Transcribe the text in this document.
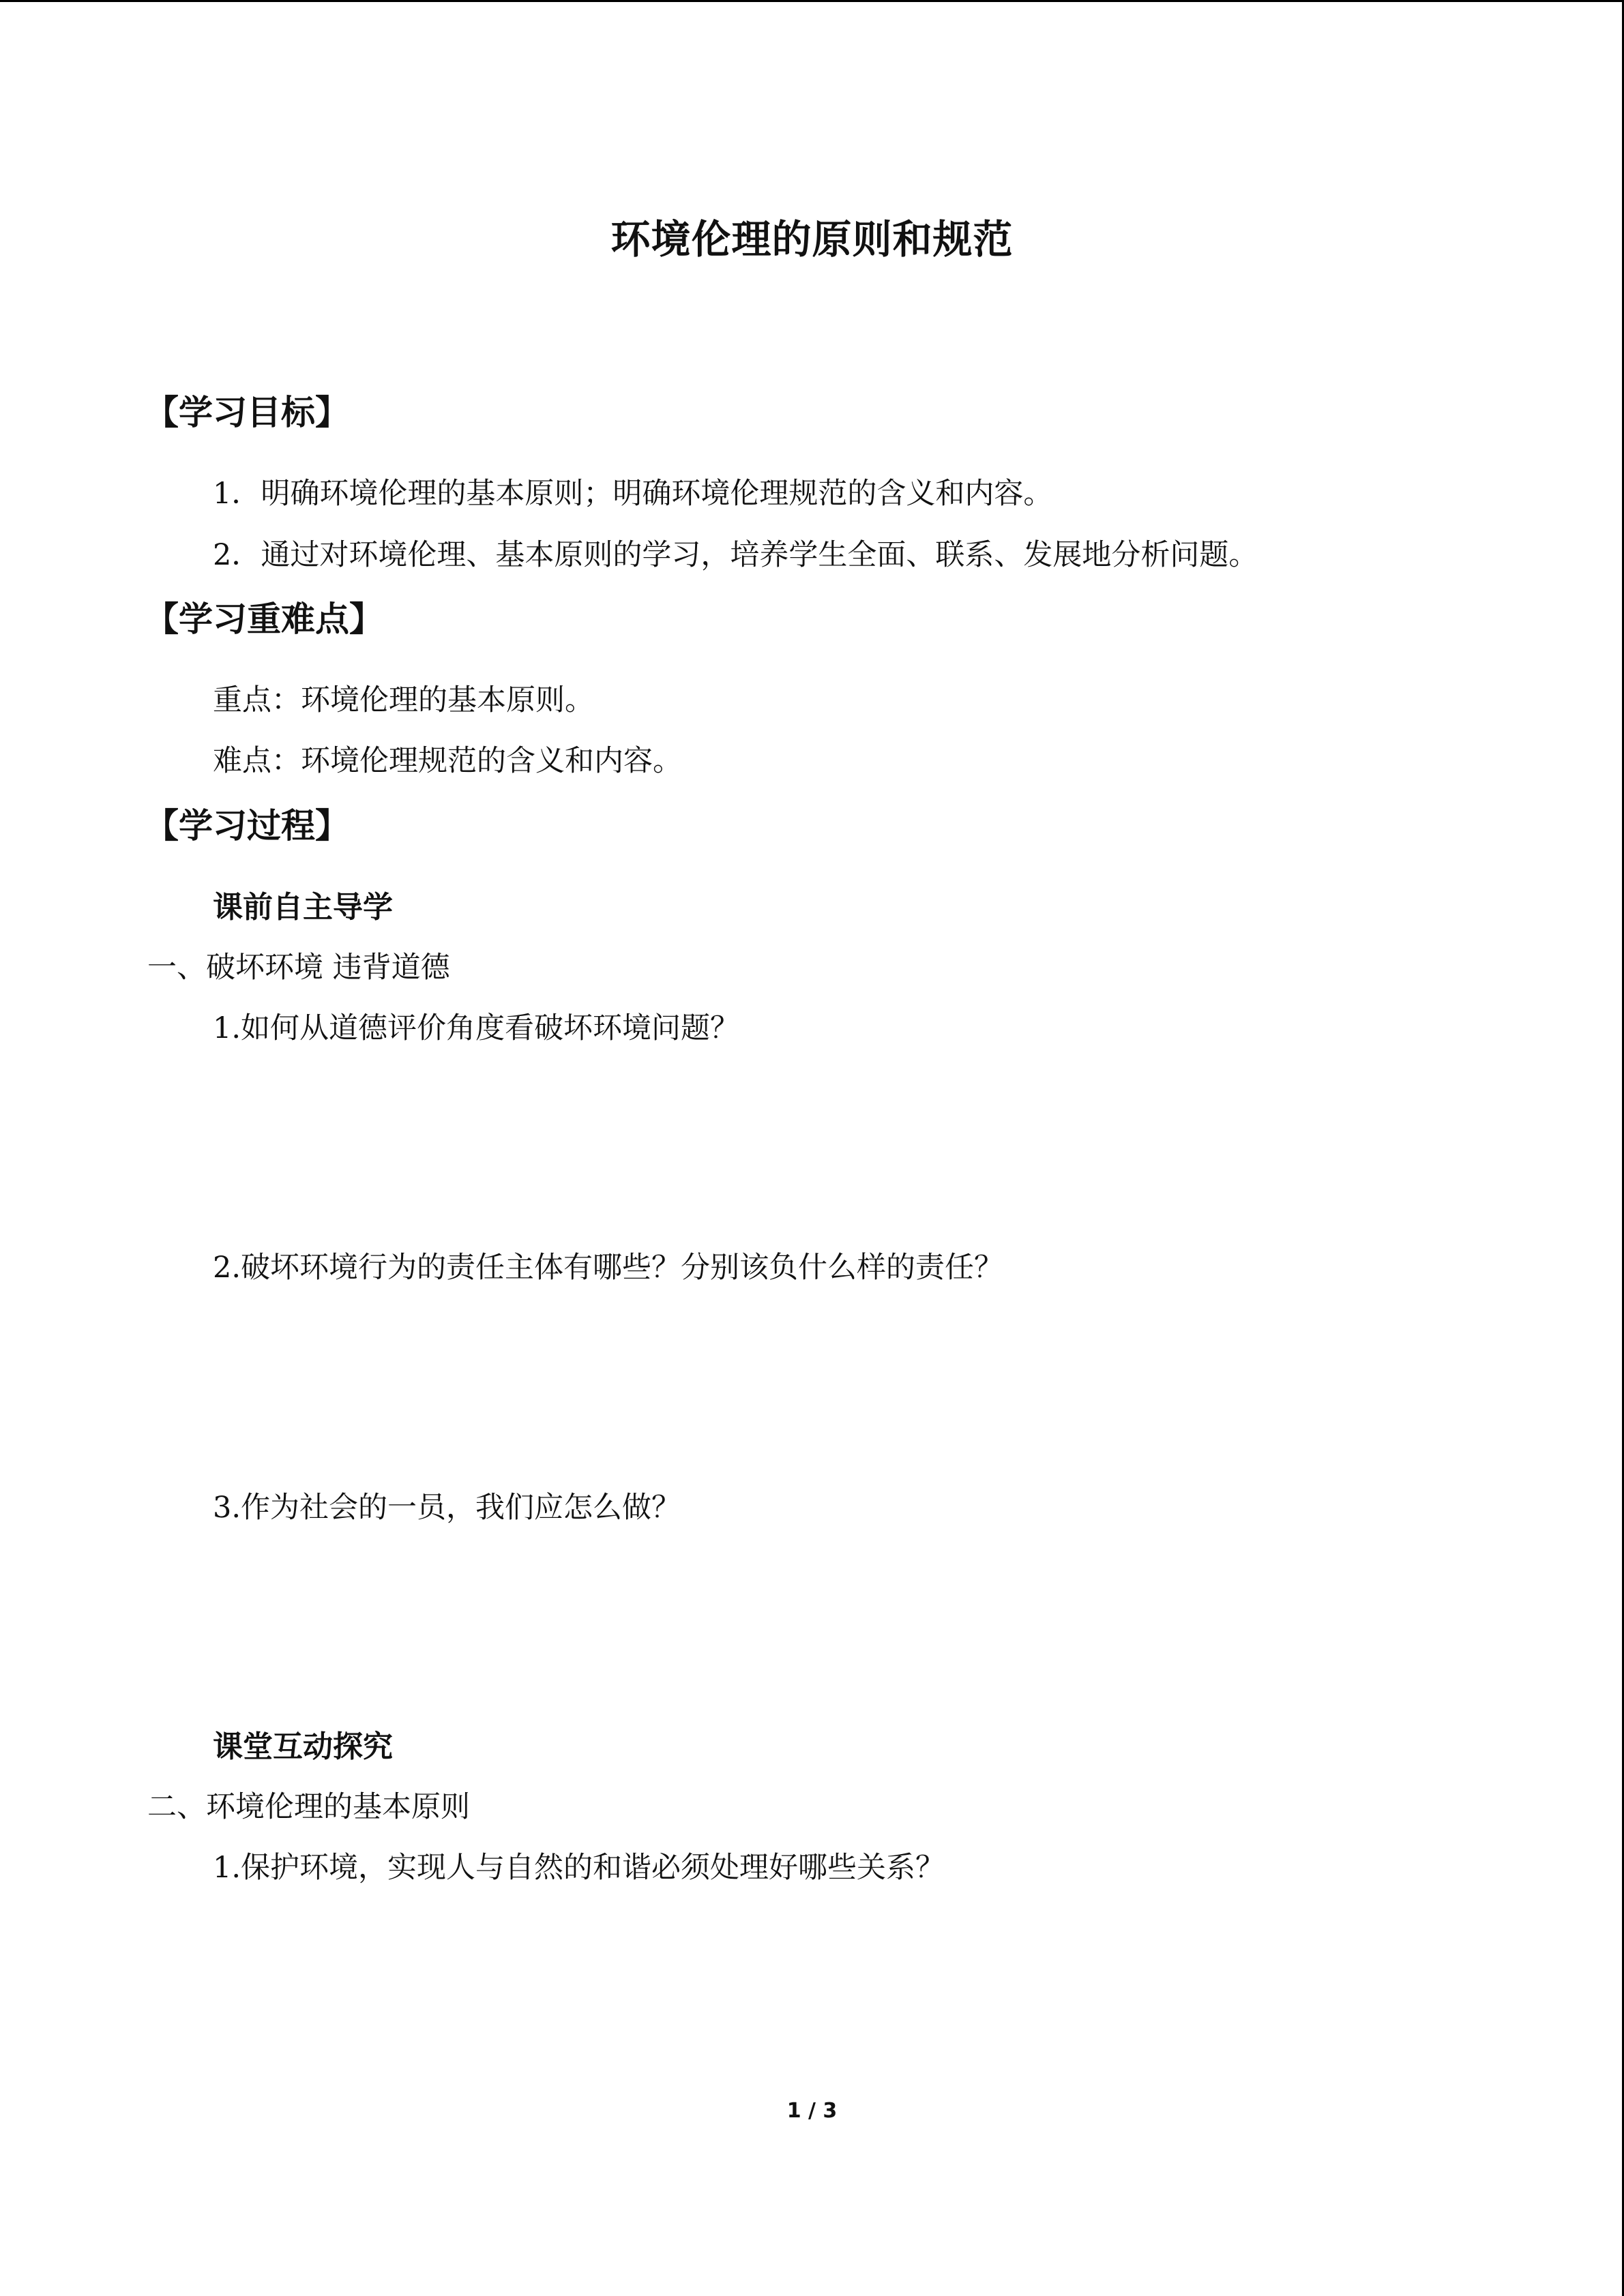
环境伦理的原则和规范
【学习目标】
1．明确环境伦理的基本原则；明确环境伦理规范的含义和内容。
2．通过对环境伦理、基本原则的学习，培养学生全面、联系、发展地分析问题。
【学习重难点】
重点：环境伦理的基本原则。
难点：环境伦理规范的含义和内容。
【学习过程】
课前自主导学
一、破坏环境 违背道德
1.如何从道德评价角度看破坏环境问题？
2.破坏环境行为的责任主体有哪些？分别该负什么样的责任？
3.作为社会的一员，我们应怎么做？
课堂互动探究
二、环境伦理的基本原则
1.保护环境，实现人与自然的和谐必须处理好哪些关系？
1 / 3
